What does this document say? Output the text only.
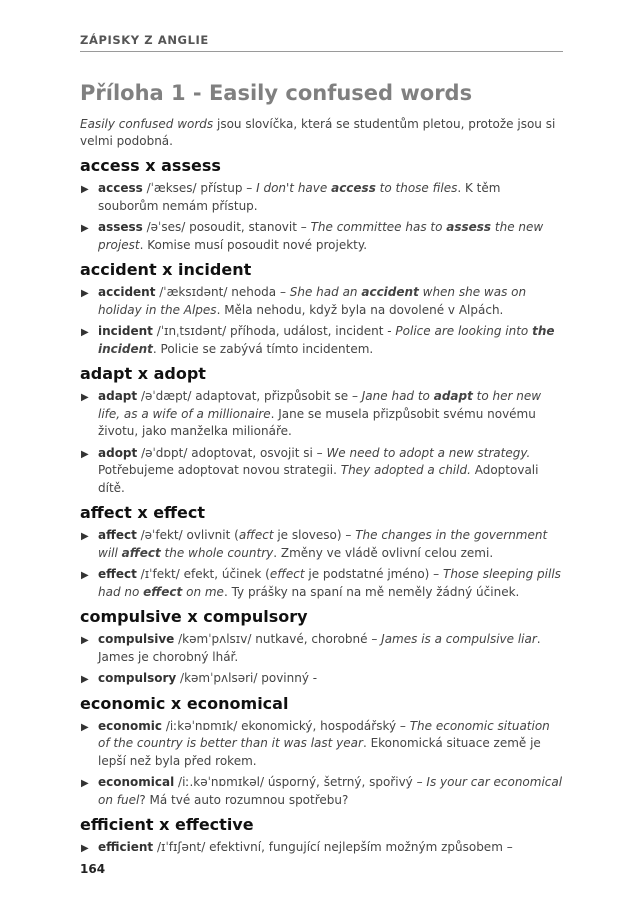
ZÁPISKY Z ANGLIE
Příloha 1 - Easily confused words

Easily confused words jsou slovíčka, která se studentům pletou, protože jsou si velmi podobná.

access x assess
▶ access /ˈækses/ přístup – I don't have access to those files. K těm souborům nemám přístup.
▶ assess /əˈses/ posoudit, stanovit – The committee has to assess the new projest. Komise musí posoudit nové projekty.
accident x incident
▶ accident /ˈæksɪdənt/ nehoda – She had an accident when she was on holiday in the Alpes. Měla nehodu, když byla na dovolené v Alpách.
▶ incident /ˈɪnˌtsɪdənt/ příhoda, událost, incident - Police are looking into the incident. Policie se zabývá tímto incidentem.
adapt x adopt
▶ adapt /əˈdæpt/ adaptovat, přizpůsobit se – Jane had to adapt to her new life, as a wife of a millionaire. Jane se musela přizpůsobit svému novému životu, jako manželka milionáře.
▶ adopt /əˈdɒpt/ adoptovat, osvojit si – We need to adopt a new strategy. Potřebujeme adoptovat novou strategii. They adopted a child. Adoptovali dítě.
affect x effect
▶ affect /əˈfekt/ ovlivnit (affect je sloveso) – The changes in the government will affect the whole country. Změny ve vládě ovlivní celou zemi.
▶ effect /ɪˈfekt/ efekt, účinek (effect je podstatné jméno) – Those sleeping pills had no effect on me. Ty prášky na spaní na mě neměly žádný účinek.
compulsive x compulsory
▶ compulsive /kəmˈpʌlsɪv/ nutkavé, chorobné – James is a compulsive liar. James je chorobný lhář.
▶ compulsory /kəmˈpʌlsəri/ povinný -
economic x economical
▶ economic /iːkəˈnɒmɪk/ ekonomický, hospodářský – The economic situation of the country is better than it was last year. Ekonomická situace země je lepší než byla před rokem.
▶ economical /iː.kəˈnɒmɪkəl/ úsporný, šetrný, spořivý – Is your car economical on fuel? Má tvé auto rozumnou spotřebu?
efficient x effective
▶ efficient /ɪˈfɪʃənt/ efektivní, fungující nejlepším možným způsobem –
164
